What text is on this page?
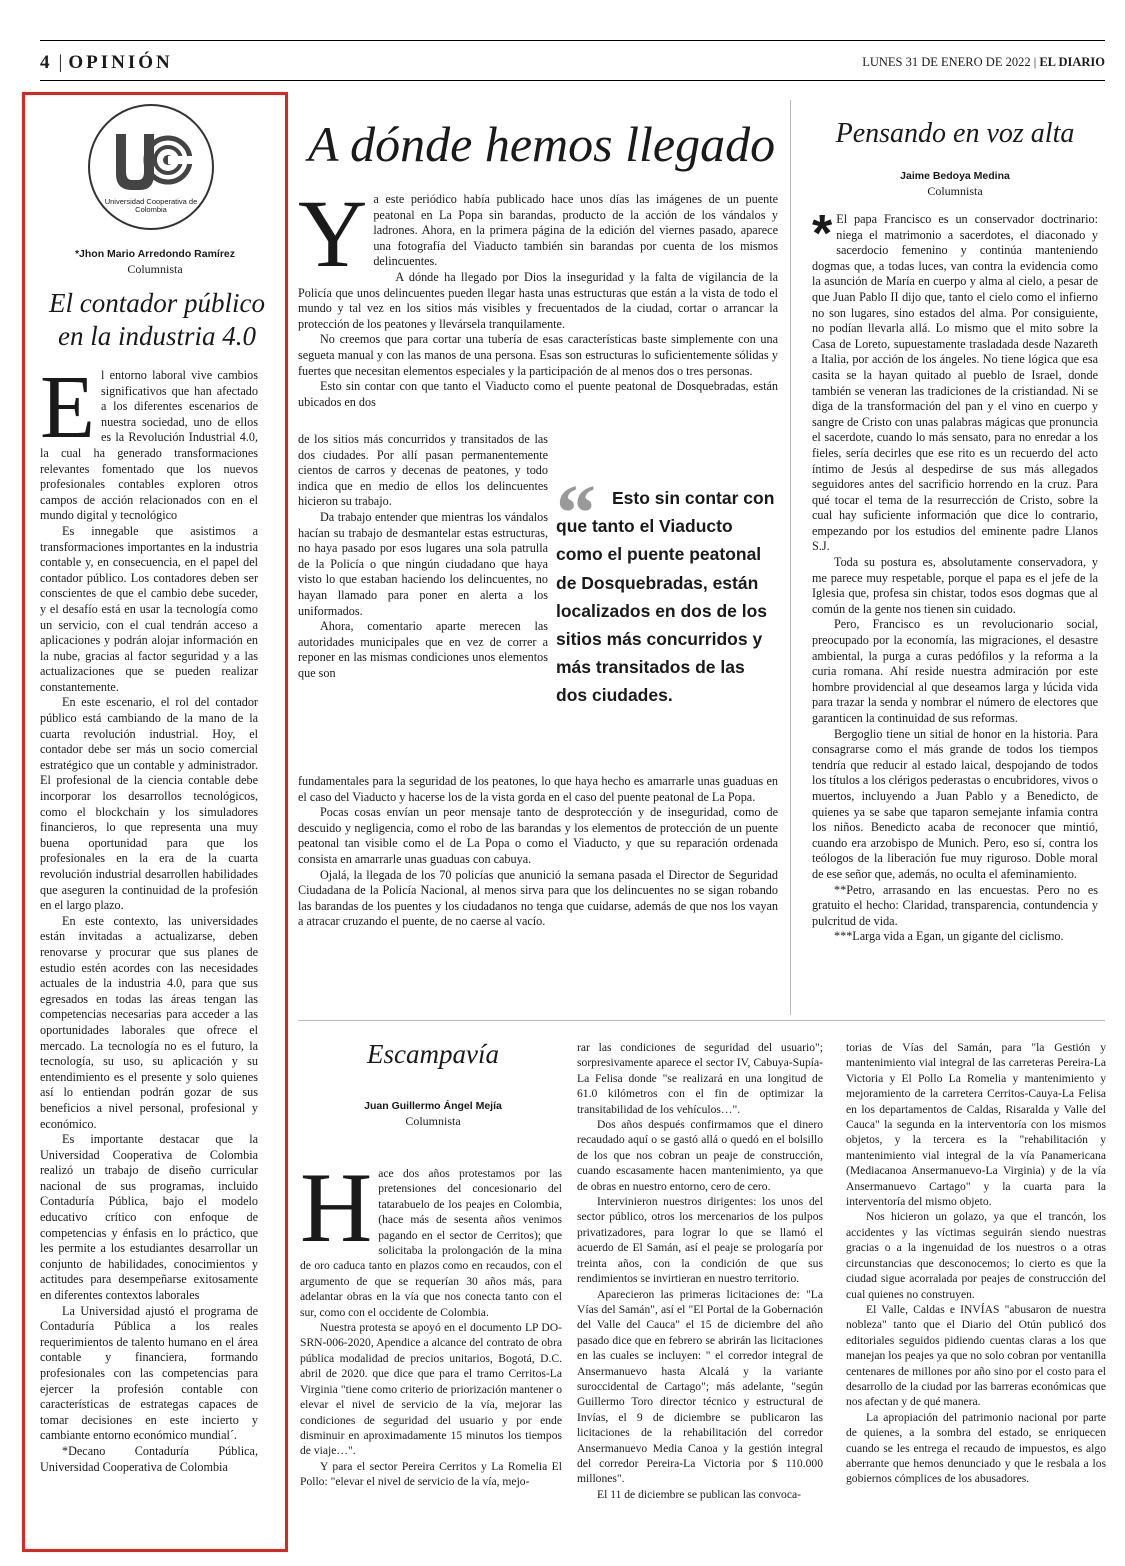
4 | OPINIÓN	LUNES 31 DE ENERO DE 2022 | EL DIARIO
Universidad Cooperativa de Colombia
*Jhon Mario Arredondo Ramírez
Columnista
El contador público
en la industria 4.0

El entorno laboral vive cambios significativos que han afectado a los diferentes escenarios de nuestra sociedad, uno de ellos es la Revolución Industrial 4.0, la cual ha generado transformaciones relevantes fomentado que los nuevos profesionales contables exploren otros campos de acción relacionados con en el mundo digital y tecnológico

Es innegable que asistimos a transformaciones importantes en la industria contable y, en consecuencia, en el papel del contador público. Los contadores deben ser conscientes de que el cambio debe suceder, y el desafío está en usar la tecnología como un servicio, con el cual tendrán acceso a aplicaciones y podrán alojar información en la nube, gracias al factor seguridad y a las actualizaciones que se pueden realizar constantemente.

En este escenario, el rol del contador público está cambiando de la mano de la cuarta revolución industrial. Hoy, el contador debe ser más un socio comercial estratégico que un contable y administrador. El profesional de la ciencia contable debe incorporar los desarrollos tecnológicos, como el blockchain y los simuladores financieros, lo que representa una muy buena oportunidad para que los profesionales en la era de la cuarta revolución industrial desarrollen habilidades que aseguren la continuidad de la profesión en el largo plazo.

En este contexto, las universidades están invitadas a actualizarse, deben renovarse y procurar que sus planes de estudio estén acordes con las necesidades actuales de la industria 4.0, para que sus egresados en todas las áreas tengan las competencias necesarias para acceder a las oportunidades laborales que ofrece el mercado. La tecnología no es el futuro, la tecnología, su uso, su aplicación y su entendimiento es el presente y solo quienes así lo entiendan podrán gozar de sus beneficios a nivel personal, profesional y económico.

Es importante destacar que la Universidad Cooperativa de Colombia realizó un trabajo de diseño curricular nacional de sus programas, incluido Contaduría Pública, bajo el modelo educativo crítico con enfoque de competencias y énfasis en lo práctico, que les permite a los estudiantes desarrollar un conjunto de habilidades, conocimientos y actitudes para desempeñarse exitosamente en diferentes contextos laborales

La Universidad ajustó el programa de Contaduría Pública a los reales requerimientos de talento humano en el área contable y financiera, formando profesionales con las competencias para ejercer la profesión contable con características de estrategas capaces de tomar decisiones en este incierto y cambiante entorno económico mundial´.

*Decano Contaduría Pública, Universidad Cooperativa de Colombia

A dónde hemos llegado

Ya este periódico había publicado hace unos días las imágenes de un puente peatonal en La Popa sin barandas, producto de la acción de los vándalos y ladrones. Ahora, en la primera página de la edición del viernes pasado, aparece una fotografía del Viaducto también sin barandas por cuenta de los mismos delincuentes.

A dónde ha llegado por Dios la inseguridad y la falta de vigilancia de la Policía que unos delincuentes pueden llegar hasta unas estructuras que están a la vista de todo el mundo y tal vez en los sitios más visibles y frecuentados de la ciudad, cortar o arrancar la protección de los peatones y llevársela tranquilamente.

No creemos que para cortar una tubería de esas características baste simplemente con una segueta manual y con las manos de una persona. Esas son estructuras lo suficientemente sólidas y fuertes que necesitan elementos especiales y la participación de al menos dos o tres personas.

Esto sin contar con que tanto el Viaducto como el puente peatonal de Dosquebradas, están ubicados en dos

de los sitios más concurridos y transitados de las dos ciudades. Por allí pasan permanentemente cientos de carros y decenas de peatones, y todo indica que en medio de ellos los delincuentes hicieron su trabajo.

Da trabajo entender que mientras los vándalos hacían su trabajo de desmantelar estas estructuras, no haya pasado por esos lugares una sola patrulla de la Policía o que ningún ciudadano que haya visto lo que estaban haciendo los delincuentes, no hayan llamado para poner en alerta a los uniformados.

Ahora, comentario aparte merecen las autoridades municipales que en vez de correr a reponer en las mismas condiciones unos elementos que son

“ Esto sin contar con que tanto el Viaducto como el puente peatonal de Dosquebradas, están localizados en dos de los sitios más concurridos y más transitados de las dos ciudades.

fundamentales para la seguridad de los peatones, lo que haya hecho es amarrarle unas guaduas en el caso del Viaducto y hacerse los de la vista gorda en el caso del puente peatonal de La Popa.

Pocas cosas envían un peor mensaje tanto de desprotección y de inseguridad, como de descuido y negligencia, como el robo de las barandas y los elementos de protección de un puente peatonal tan visible como el de La Popa o como el Viaducto, y que su reparación ordenada consista en amarrarle unas guaduas con cabuya.

Ojalá, la llegada de los 70 policías que anunició la semana pasada el Director de Seguridad Ciudadana de la Policía Nacional, al menos sirva para que los delincuentes no se sigan robando las barandas de los puentes y los ciudadanos no tenga que cuidarse, además de que nos los vayan a atracar cruzando el puente, de no caerse al vacío.

Pensando en voz alta
Jaime Bedoya Medina
Columnista

* El papa Francisco es un conservador doctrinario: niega el matrimonio a sacerdotes, el diaconado y sacerdocio femenino y continúa manteniendo dogmas que, a todas luces, van contra la evidencia como la asunción de María en cuerpo y alma al cielo, a pesar de que Juan Pablo II dijo que, tanto el cielo como el infierno no son lugares, sino estados del alma. Por consiguiente, no podían llevarla allá. Lo mismo que el mito sobre la Casa de Loreto, supuestamente trasladada desde Nazareth a Italia, por acción de los ángeles. No tiene lógica que esa casita se la hayan quitado al pueblo de Israel, donde también se veneran las tradiciones de la cristiandad. Ni se diga de la transformación del pan y el vino en cuerpo y sangre de Cristo con unas palabras mágicas que pronuncia el sacerdote, cuando lo más sensato, para no enredar a los fieles, sería decirles que ese rito es un recuerdo del acto íntimo de Jesús al despedirse de sus más allegados seguidores antes del sacrificio horrendo en la cruz. Para qué tocar el tema de la resurrección de Cristo, sobre la cual hay suficiente información que dice lo contrario, empezando por los estudios del eminente padre Llanos S.J.

Toda su postura es, absolutamente conservadora, y me parece muy respetable, porque el papa es el jefe de la Iglesia que, profesa sin chistar, todos esos dogmas que al común de la gente nos tienen sin cuidado.

Pero, Francisco es un revolucionario social, preocupado por la economía, las migraciones, el desastre ambiental, la purga a curas pedófilos y la reforma a la curia romana. Ahí reside nuestra admiración por este hombre providencial al que deseamos larga y lúcida vida para trazar la senda y nombrar el número de electores que garanticen la continuidad de sus reformas.

Bergoglio tiene un sitial de honor en la historia. Para consagrarse como el más grande de todos los tiempos tendría que reducir al estado laical, despojando de todos los títulos a los clérigos pederastas o encubridores, vivos o muertos, incluyendo a Juan Pablo y a Benedicto, de quienes ya se sabe que taparon semejante infamia contra los niños. Benedicto acaba de reconocer que mintió, cuando era arzobispo de Munich. Pero, eso sí, contra los teólogos de la liberación fue muy riguroso. Doble moral de ese señor que, además, no oculta el afeminamiento.

**Petro, arrasando en las encuestas. Pero no es gratuito el hecho: Claridad, transparencia, contundencia y pulcritud de vida.

***Larga vida a Egan, un gigante del ciclismo.

Escampavía
Juan Guillermo Ángel Mejía
Columnista

Hace dos años protestamos por las pretensiones del concesionario del tatarabuelo de los peajes en Colombia, (hace más de sesenta años venimos pagando en el sector de Cerritos); que solicitaba la prolongación de la mina de oro caduca tanto en plazos como en recaudos, con el argumento de que se requerían 30 años más, para adelantar obras en la vía que nos conecta tanto con el sur, como con el occidente de Colombia.

Nuestra protesta se apoyó en el documento LP DO-SRN-006-2020, Apendice a alcance del contrato de obra pública modalidad de precios unitarios, Bogotá, D.C. abril de 2020. que dice que para el tramo Cerritos-La Virginia "tiene como criterio de priorización mantener o elevar el nivel de servicio de la vía, mejorar las condiciones de seguridad del usuario y por ende disminuir en aproximadamente 15 minutos los tiempos de viaje…".

Y para el sector Pereira Cerritos y La Romelia El Pollo: "elevar el nivel de servicio de la vía, mejo-

rar las condiciones de seguridad del usuario"; sorpresivamente aparece el sector IV, Cabuya-Supía-La Felisa donde "se realizará en una longitud de 61.0 kilómetros con el fin de optimizar la transitabilidad de los vehículos…".

Dos años después confirmamos que el dinero recaudado aquí o se gastó allá o quedó en el bolsillo de los que nos cobran un peaje de construcción, cuando escasamente hacen mantenimiento, ya que de obras en nuestro entorno, cero de cero.

Intervinieron nuestros dirigentes: los unos del sector público, otros los mercenarios de los pulpos privatizadores, para lograr lo que se llamó el acuerdo de El Samán, así el peaje se prologaría por treinta años, con la condición de que sus rendimientos se invirtieran en nuestro territorio.

Aparecieron las primeras licitaciones de: "La Vías del Samán", así el "El Portal de la Gobernación del Valle del Cauca" el 15 de diciembre del año pasado dice que en febrero se abrirán las licitaciones en las cuales se incluyen: " el corredor integral de Ansermanuevo hasta Alcalá y la variante suroccidental de Cartago"; más adelante, "según Guillermo Toro director técnico y estructural de Invías, el 9 de diciembre se publicaron las licitaciones de la rehabilitación del corredor Ansermanuevo Media Canoa y la gestión integral del corredor Pereira-La Victoria por $ 110.000 millones".

El 11 de diciembre se publican las convoca-

torias de Vías del Samán, para "la Gestión y mantenimiento vial integral de las carreteras Pereira-La Victoria y El Pollo La Romelia y mantenimiento y mejoramiento de la carretera Cerritos-Cauya-La Felisa en los departamentos de Caldas, Risaralda y Valle del Cauca" la segunda en la interventoría con los mismos objetos, y la tercera es la "rehabilitación y mantenimiento vial integral de la vía Panamericana (Mediacanoa Ansermanuevo-La Virginia) y de la vía Ansermanuevo Cartago" y la cuarta para la interventoría del mismo objeto.

Nos hicieron un golazo, ya que el trancón, los accidentes y las víctimas seguirán siendo nuestras gracias o a la ingenuidad de los nuestros o a otras circunstancias que desconocemos; lo cierto es que la ciudad sigue acorralada por peajes de construcción del cual quienes no construyen.

El Valle, Caldas e INVÍAS "abusaron de nuestra nobleza" tanto que el Diario del Otún publicó dos editoriales seguidos pidiendo cuentas claras a los que manejan los peajes ya que no solo cobran por ventanilla centenares de millones por año sino por el costo para el desarrollo de la ciudad por las barreras económicas que nos afectan y de qué manera.

La apropiación del patrimonio nacional por parte de quienes, a la sombra del estado, se enriquecen cuando se les entrega el recaudo de impuestos, es algo aberrante que hemos denunciado y que le resbala a los gobiernos cómplices de los abusadores.
